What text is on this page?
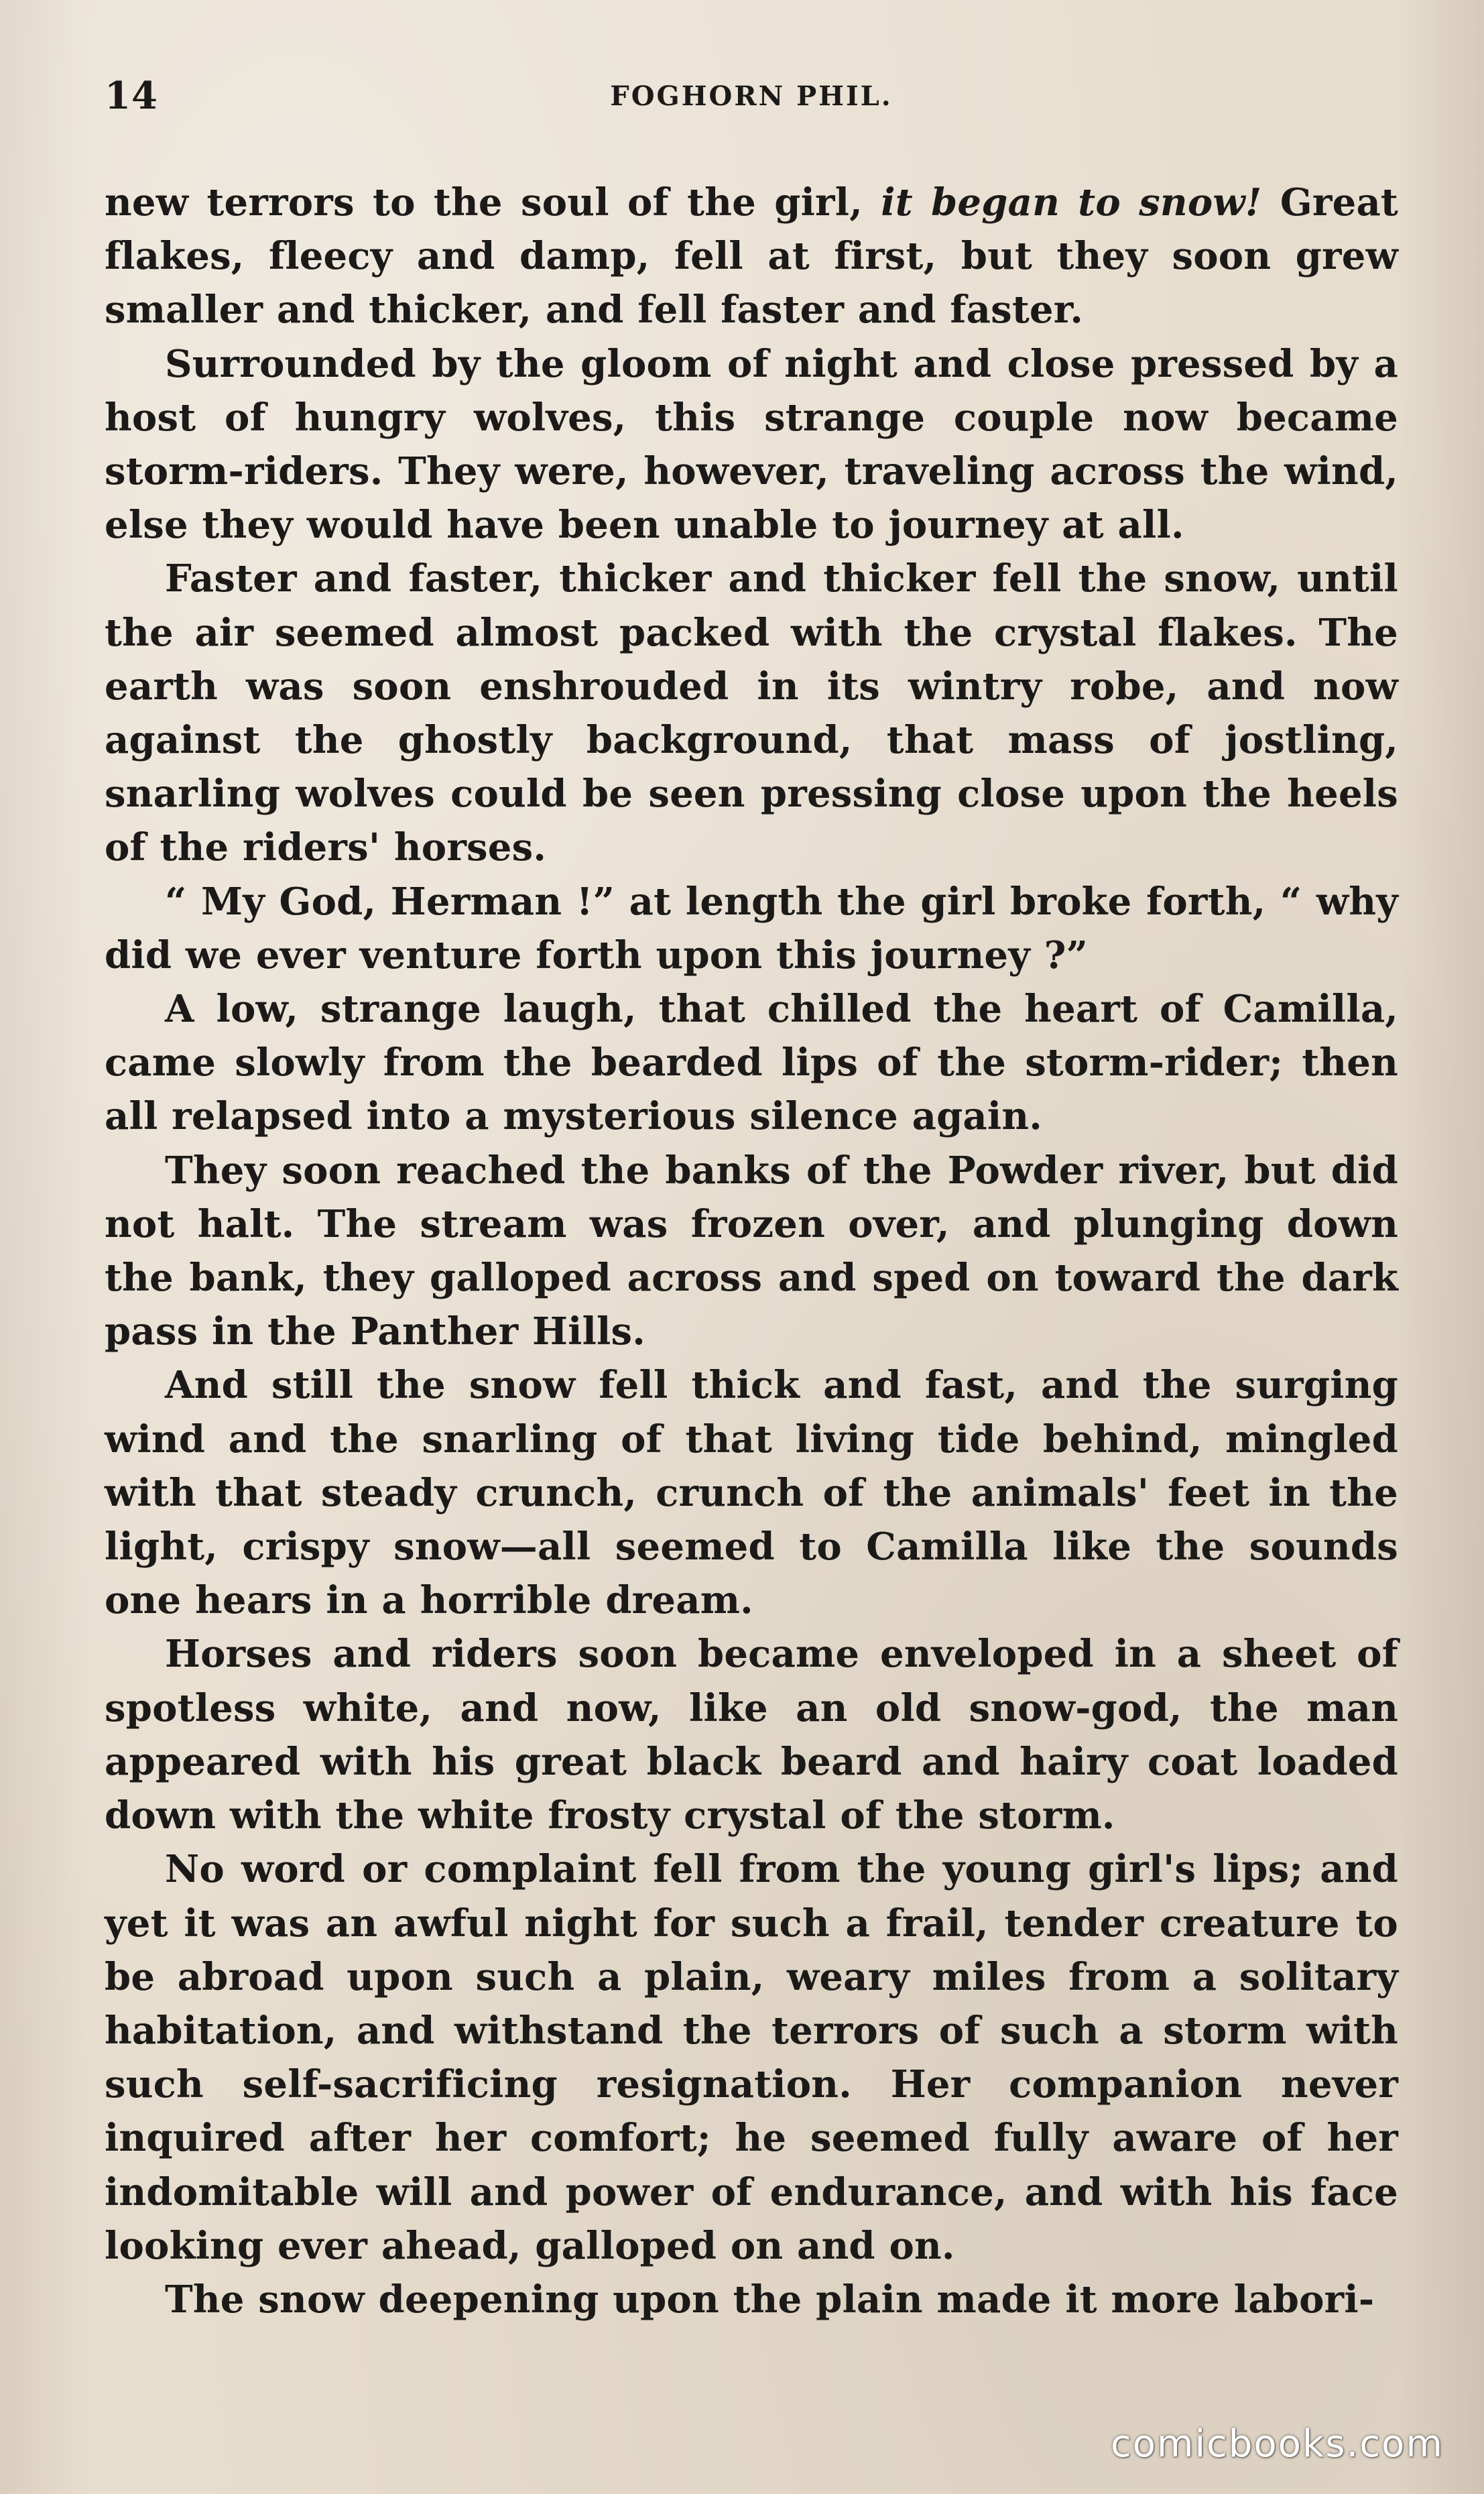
14	FOGHORN PHIL.

new terrors to the soul of the girl, it began to snow! Great flakes, fleecy and damp, fell at first, but they soon grew smaller and thicker, and fell faster and faster.

Surrounded by the gloom of night and close pressed by a host of hungry wolves, this strange couple now became storm-riders. They were, however, traveling across the wind, else they would have been unable to journey at all.

Faster and faster, thicker and thicker fell the snow, until the air seemed almost packed with the crystal flakes. The earth was soon enshrouded in its wintry robe, and now against the ghostly background, that mass of jostling, snarling wolves could be seen pressing close upon the heels of the riders' horses.

“ My God, Herman !” at length the girl broke forth, “ why did we ever venture forth upon this journey ?”

A low, strange laugh, that chilled the heart of Camilla, came slowly from the bearded lips of the storm-rider; then all relapsed into a mysterious silence again.

They soon reached the banks of the Powder river, but did not halt. The stream was frozen over, and plunging down the bank, they galloped across and sped on toward the dark pass in the Panther Hills.

And still the snow fell thick and fast, and the surging wind and the snarling of that living tide behind, mingled with that steady crunch, crunch of the animals' feet in the light, crispy snow—all seemed to Camilla like the sounds one hears in a horrible dream.

Horses and riders soon became enveloped in a sheet of spotless white, and now, like an old snow-god, the man appeared with his great black beard and hairy coat loaded down with the white frosty crystal of the storm.

No word or complaint fell from the young girl's lips; and yet it was an awful night for such a frail, tender creature to be abroad upon such a plain, weary miles from a solitary habitation, and withstand the terrors of such a storm with such self-sacrificing resignation. Her companion never inquired after her comfort; he seemed fully aware of her indomitable will and power of endurance, and with his face looking ever ahead, galloped on and on.

The snow deepening upon the plain made it more labori-

comicbooks.com
